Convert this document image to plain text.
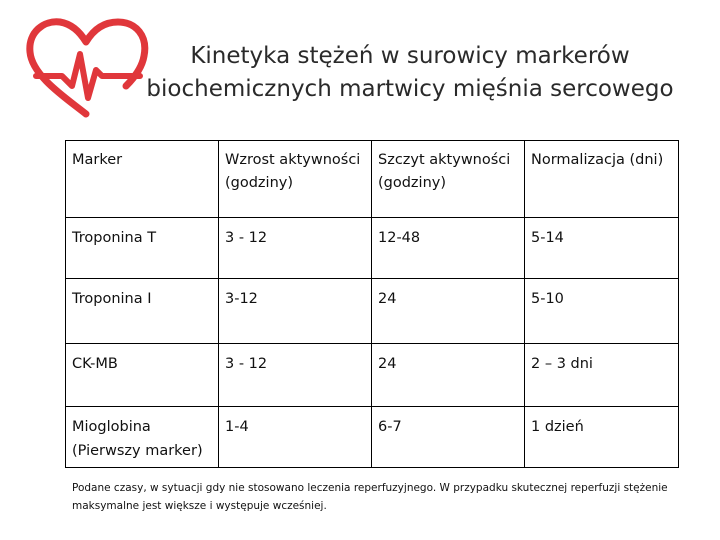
Kinetyka stężeń w surowicy markerów
biochemicznych martwicy mięśnia sercowego
Marker	Wzrost aktywności (godziny)	Szczyt aktywności (godziny)	Normalizacja (dni)
Troponina T	3 - 12	12-48	5-14
Troponina I	3-12	24	5-10
CK-MB	3 - 12	24	2 – 3 dni
Mioglobina (Pierwszy marker)	1-4	6-7	1 dzień
Podane czasy, w sytuacji gdy nie stosowano leczenia reperfuzyjnego. W przypadku skutecznej reperfuzji stężenie maksymalne jest większe i występuje wcześniej.
